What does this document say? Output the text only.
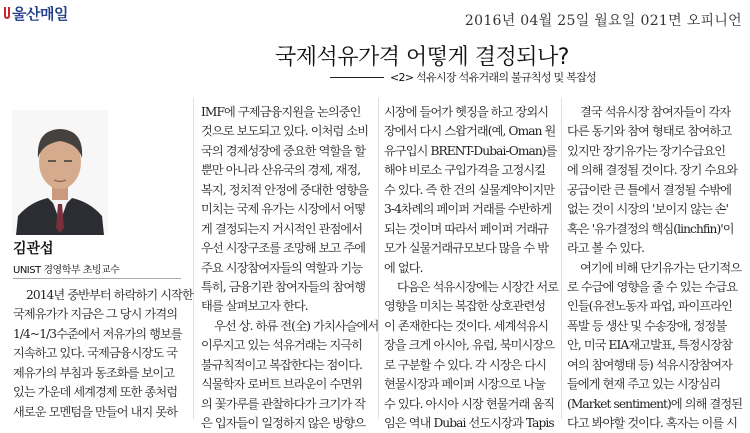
울산매일	2016년 04월 25일 월요일 021면 오피니언
국제석유가격 어떻게 결정되나?
<2> 석유시장 석유거래의 불규칙성 및 복잡성
김관섭
UNIST 경영학부 초빙교수
2014년 중반부터 하락하기 시작한
국제유가가 지금은 그 당시 가격의
1/4~1/3수준에서 저유가의 행보를
지속하고 있다. 국제금융시장도 국
제유가의 부침과 동조화를 보이고
있는 가운데 세계경제 또한 종처럼
새로운 모멘텀을 만들어 내지 못하
IMF에 구제금융지원을 논의중인
것으로 보도되고 있다. 이처럼 소비
국의 경제성장에 중요한 역할을 할
뿐만 아니라 산유국의 경제, 재정,
복지, 정치적 안정에 중대한 영향을
미치는 국제 유가는 시장에서 어떻
게 결정되는지 거시적인 관점에서
우선 시장구조를 조망해 보고 주에
주요 시장참여자들의 역할과 기능
특히, 금융기관 참여자들의 참여행
태를 살펴보고자 한다.
우선 상. 하류 전(全) 가치사슬에서
이루지고 있는 석유거래는 지극히
불규칙적이고 복잡한다는 점이다.
식물학자 로버트 브라운이 수면위
의 꽃가루를 관찰하다가 크기가 작
은 입자들이 일정하지 않은 방향으
시장에 들어가 헷징을 하고 장외시
장에서 다시 스왑거래(예, Oman 원
유구입시 BRENT-Dubai-Oman)를
해야 비로소 구입가격을 고정시킬
수 있다. 즉 한 건의 실물계약이지만
3-4차례의 페이퍼 거래를 수반하게
되는 것이며 따라서 페이퍼 거래규
모가 실물거래규모보다 많을 수 밖
에 없다.
다음은 석유시장에는 시장간 서로
영향을 미치는 복잡한 상호관련성
이 존재한다는 것이다. 세계석유시
장을 크게 아시아, 유럽, 북미시장으
로 구분할 수 있다. 각 시장은 다시
현물시장과 페이퍼 시장으로 나눌
수 있다. 아시아 시장 현물거래 움직
임은 역내 Dubai 선도시장과 Tapis
결국 석유시장 참여자들이 각자
다른 동기와 참여 형태로 참여하고
있지만 장기유가는 장기수급요인
에 의해 결정될 것이다. 장기 수요와
공급이란 큰 틀에서 결정될 수밖에
없는 것이 시장의 '보이지 않는 손'
혹은 '유가결정의 핵심(linchfin)'이
라고 볼 수 있다.
여기에 비해 단기유가는 단기적으
로 수급에 영향을 줄 수 있는 수급요
인들(유전노동자 파업, 파이프라인
폭발 등 생산 및 수송장애, 정정불
안, 미국 EIA재고발표, 특정시장참
여의 참여행태 등) 석유시장참여자
들에게 현재 주고 있는 시장심리
(Market sentiment)에 의해 결정된
다고 봐야할 것이다. 혹자는 이를 시
